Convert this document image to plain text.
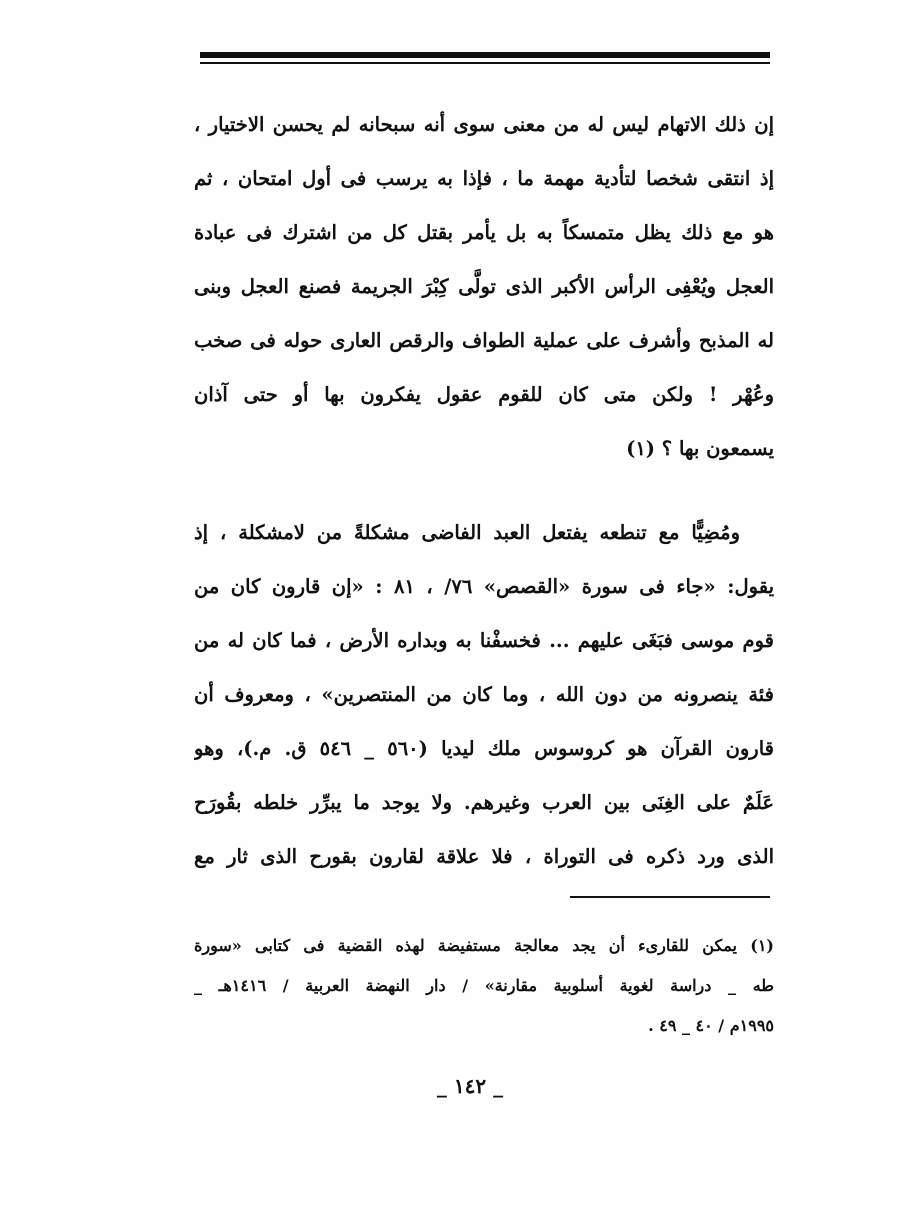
إن ذلك الاتهام ليس له من معنى سوى أنه سبحانه لم يحسن الاختيار ،
إذ انتقى شخصا لتأدية مهمة ما ، فإذا به يرسب فى أول امتحان ، ثم
هو مع ذلك يظل متمسكاً به بل يأمر بقتل كل من اشترك فى عبادة
العجل ويُعْفِى الرأس الأكبر الذى تولَّى كِبْرَ الجريمة فصنع العجل وبنى
له المذبح وأشرف على عملية الطواف والرقص العارى حوله فى صخب
وعُهْر ! ولكن متى كان للقوم عقول يفكرون بها أو حتى آذان
يسمعون بها ؟ (١)
ومُضِيًّا مع تنطعه يفتعل العبد الفاضى مشكلةً من لامشكلة ، إذ
يقول: «جاء فى سورة «القصص» ٧٦/ ، ٨١ : «إن قارون كان من
قوم موسى فبَغَى عليهم ... فخسفْنا به وبداره الأرض ، فما كان له من
فئة ينصرونه من دون الله ، وما كان من المنتصرين» ، ومعروف أن
قارون القرآن هو كروسوس ملك ليديا (٥٦٠ _ ٥٤٦ ق. م.)، وهو
عَلَمٌ على الغِنَى بين العرب وغيرهم. ولا يوجد ما يبرِّر خلطه بقُورَح
الذى ورد ذكره فى التوراة ، فلا علاقة لقارون بقورح الذى ثار مع
(١) يمكن للقارىء أن يجد معالجة مستفيضة لهذه القضية فى كتابى «سورة
طه _ دراسة لغوية أسلوبية مقارنة» / دار النهضة العربية / ١٤١٦هـ _
١٩٩٥م / ٤٠ _ ٤٩ .
_ ١٤٢ _
